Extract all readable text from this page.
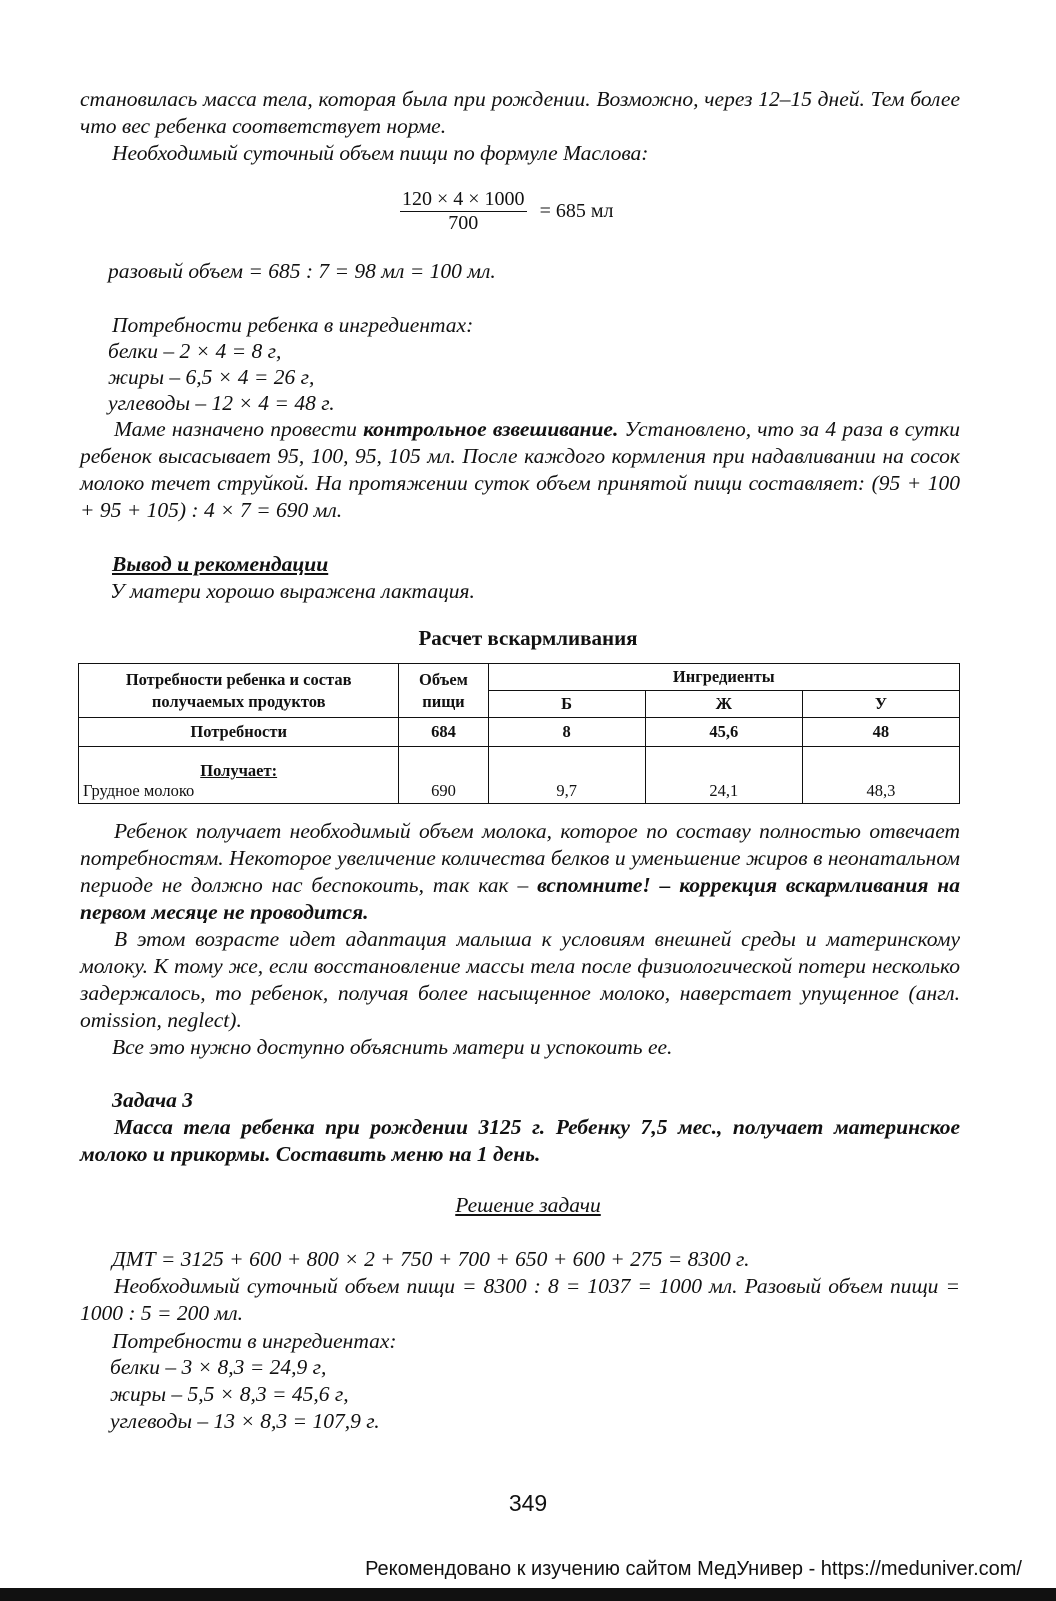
становилась масса тела, которая была при рождении. Возможно, через 12–15 дней. Тем более что вес ребенка соответствует норме.

Необходимый суточный объем пищи по формуле Маслова:

$\frac{120 \times 4 \times 1000}{700} = 685$ мл

разовый объем = 685 : 7 = 98 мл = 100 мл.

Потребности ребенка в ингредиентах:

белки – 2 × 4 = 8 г,

жиры – 6,5 × 4 = 26 г,

углеводы – 12 × 4 = 48 г.

Маме назначено провести контрольное взвешивание. Установлено, что за 4 раза в сутки ребенок высасывает 95, 100, 95, 105 мл. После каждого кормления при надавливании на сосок молоко течет струйкой. На протяжении суток объем принятой пищи составляет: (95 + 100 + 95 + 105) : 4 × 7 = 690 мл.

Вывод и рекомендации

У матери хорошо выражена лактация.

Расчет вскармливания
Потребности ребенка и состав получаемых продуктов	Объем пищи	Ингредиенты		
		Б	Ж	У
Потребности	684	8	45,6	48

Получает:
Грудное молоко	690	9,7	24,1	48,3

Ребенок получает необходимый объем молока, которое по составу полностью отвечает потребностям. Некоторое увеличение количества белков и уменьшение жиров в неонатальном периоде не должно нас беспокоить, так как – вспомните! – коррекция вскармливания на первом месяце не проводится.

В этом возрасте идет адаптация малыша к условиям внешней среды и материнскому молоку. К тому же, если восстановление массы тела после физиологической потери несколько задержалось, то ребенок, получая более насыщенное молоко, наверстает упущенное (англ. omission, neglect).

Все это нужно доступно объяснить матери и успокоить ее.

Задача 3

Масса тела ребенка при рождении 3125 г. Ребенку 7,5 мес., получает материнское молоко и прикормы. Составить меню на 1 день.

Решение задачи

ДМТ = 3125 + 600 + 800 × 2 + 750 + 700 + 650 + 600 + 275 = 8300 г.

Необходимый суточный объем пищи = 8300 : 8 = 1037 = 1000 мл. Разовый объем пищи = 1000 : 5 = 200 мл.

Потребности в ингредиентах:

белки – 3 × 8,3 = 24,9 г,

жиры – 5,5 × 8,3 = 45,6 г,

углеводы – 13 × 8,3 = 107,9 г.

349
Рекомендовано к изучению сайтом МедУнивер - https://meduniver.com/
